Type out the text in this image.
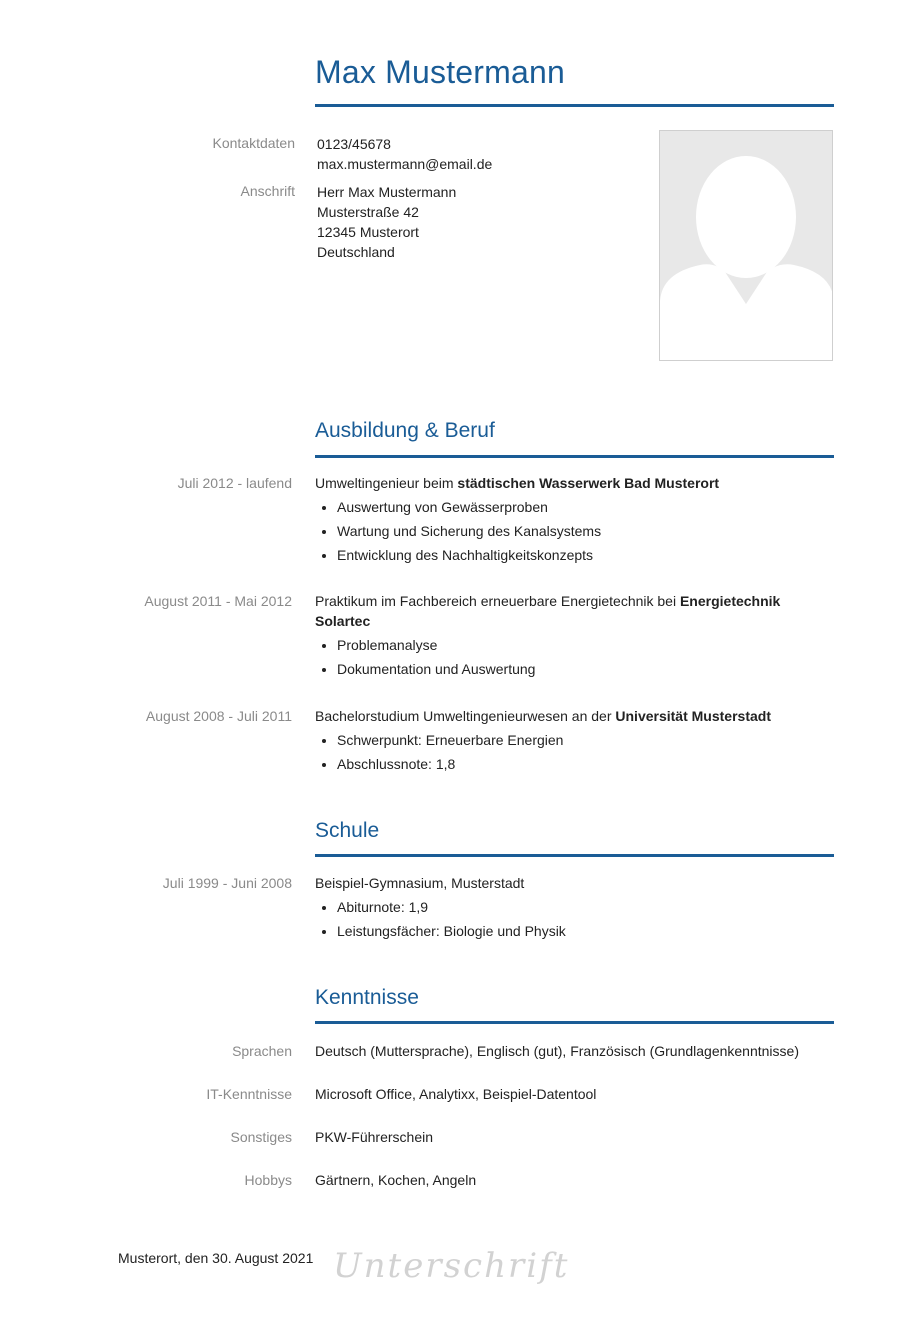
Max Mustermann
Kontaktdaten 0123/45678
max.mustermann@email.de
Anschrift Herr Max Mustermann
Musterstraße 42
12345 Musterort
Deutschland
Ausbildung & Beruf
Juli 2012 - laufend Umweltingenieur beim städtischen Wasserwerk Bad Musterort
• Auswertung von Gewässerproben
• Wartung und Sicherung des Kanalsystems
• Entwicklung des Nachhaltigkeitskonzepts
August 2011 - Mai 2012 Praktikum im Fachbereich erneuerbare Energietechnik bei Energietechnik Solartec
• Problemanalyse
• Dokumentation und Auswertung
August 2008 - Juli 2011 Bachelorstudium Umweltingenieurwesen an der Universität Musterstadt
• Schwerpunkt: Erneuerbare Energien
• Abschlussnote: 1,8
Schule
Juli 1999 - Juni 2008 Beispiel-Gymnasium, Musterstadt
• Abiturnote: 1,9
• Leistungsfächer: Biologie und Physik
Kenntnisse
Sprachen Deutsch (Muttersprache), Englisch (gut), Französisch (Grundlagenkenntnisse)
IT-Kenntnisse Microsoft Office, Analytixx, Beispiel-Datentool
Sonstiges PKW-Führerschein
Hobbys Gärtnern, Kochen, Angeln
Musterort, den 30. August 2021 Unterschrift
